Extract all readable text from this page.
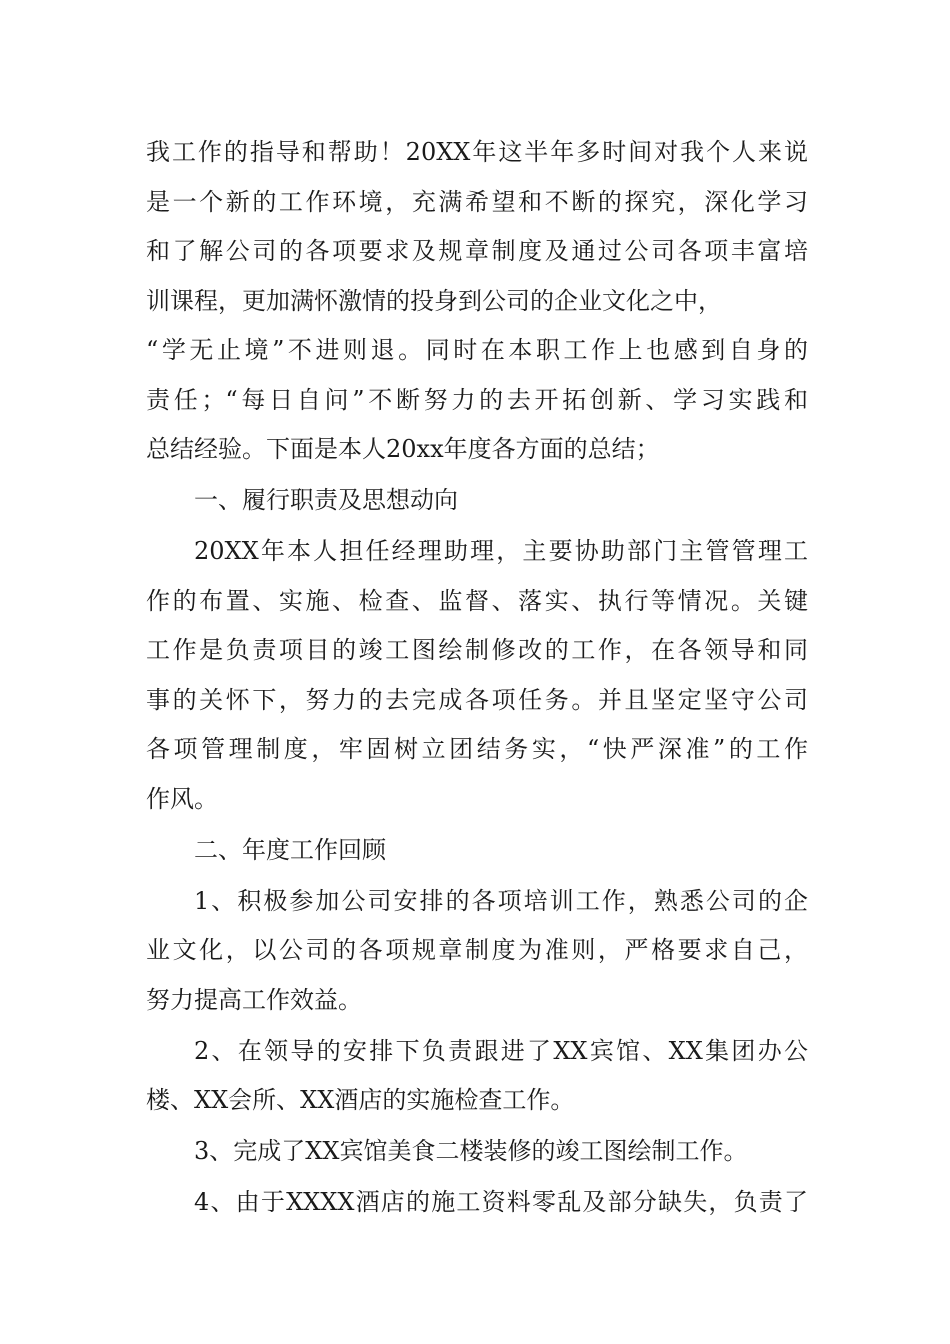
我工作的指导和帮助！20XX年这半年多时间对我个人来说
是一个新的工作环境，充满希望和不断的探究，深化学习
和了解公司的各项要求及规章制度及通过公司各项丰富培
训课程，更加满怀激情的投身到公司的企业文化之中，
“学无止境”不进则退。同时在本职工作上也感到自身的
责任；“每日自问”不断努力的去开拓创新、学习实践和
总结经验。下面是本人20xx年度各方面的总结；
一、履行职责及思想动向
20XX年本人担任经理助理，主要协助部门主管管理工
作的布置、实施、检查、监督、落实、执行等情况。关键
工作是负责项目的竣工图绘制修改的工作，在各领导和同
事的关怀下，努力的去完成各项任务。并且坚定坚守公司
各项管理制度，牢固树立团结务实，“快严深准”的工作
作风。
二、年度工作回顾
1、积极参加公司安排的各项培训工作，熟悉公司的企
业文化，以公司的各项规章制度为准则，严格要求自己，
努力提高工作效益。
2、在领导的安排下负责跟进了XX宾馆、XX集团办公
楼、XX会所、XX酒店的实施检查工作。
3、完成了XX宾馆美食二楼装修的竣工图绘制工作。
4、由于XXXX酒店的施工资料零乱及部分缺失，负责了
